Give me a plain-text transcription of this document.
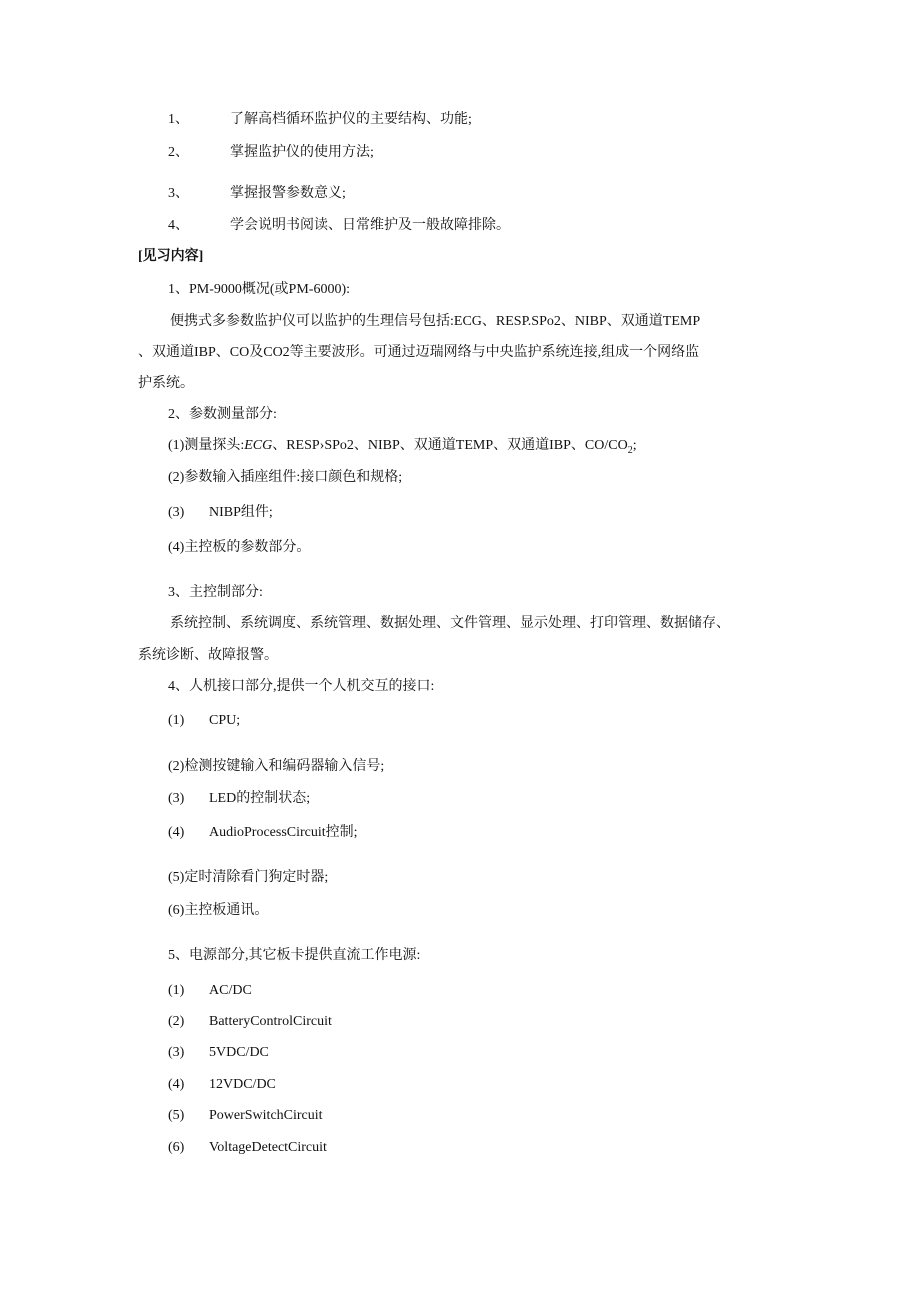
1、	了解高档循环监护仪的主要结构、功能;
2、	掌握监护仪的使用方法;
3、	掌握报警参数意义;
4、	学会说明书阅读、日常维护及一般故障排除。
[见习内容]
1、PM-9000概况(或PM-6000):
便携式多参数监护仪可以监护的生理信号包括:ECG、RESP.SPo2、NIBP、双通道TEMP
、双通道IBP、CO及CO2等主要波形。可通过迈瑞网络与中央监护系统连接,组成一个网络监
护系统。
2、参数测量部分:
(1)测量探头:ECG、RESP›SPo2、NIBP、双通道TEMP、双通道IBP、$CO/CO_2$;
(2)参数输入插座组件:接口颜色和规格;
(3) NIBP组件;
(4)主控板的参数部分。
3、主控制部分:
系统控制、系统调度、系统管理、数据处理、文件管理、显示处理、打印管理、数据储存、
系统诊断、故障报警。
4、人机接口部分,提供一个人机交互的接口:
(1) CPU;
(2)检测按键输入和编码器输入信号;
(3) LED的控制状态;
(4) AudioProcessCircuit控制;
(5)定时清除看门狗定时器;
(6)主控板通讯。
5、电源部分,其它板卡提供直流工作电源:
(1) AC/DC
(2) BatteryControlCircuit
(3) 5VDC/DC
(4) 12VDC/DC
(5) PowerSwitchCircuit
(6) VoltageDetectCircuit
